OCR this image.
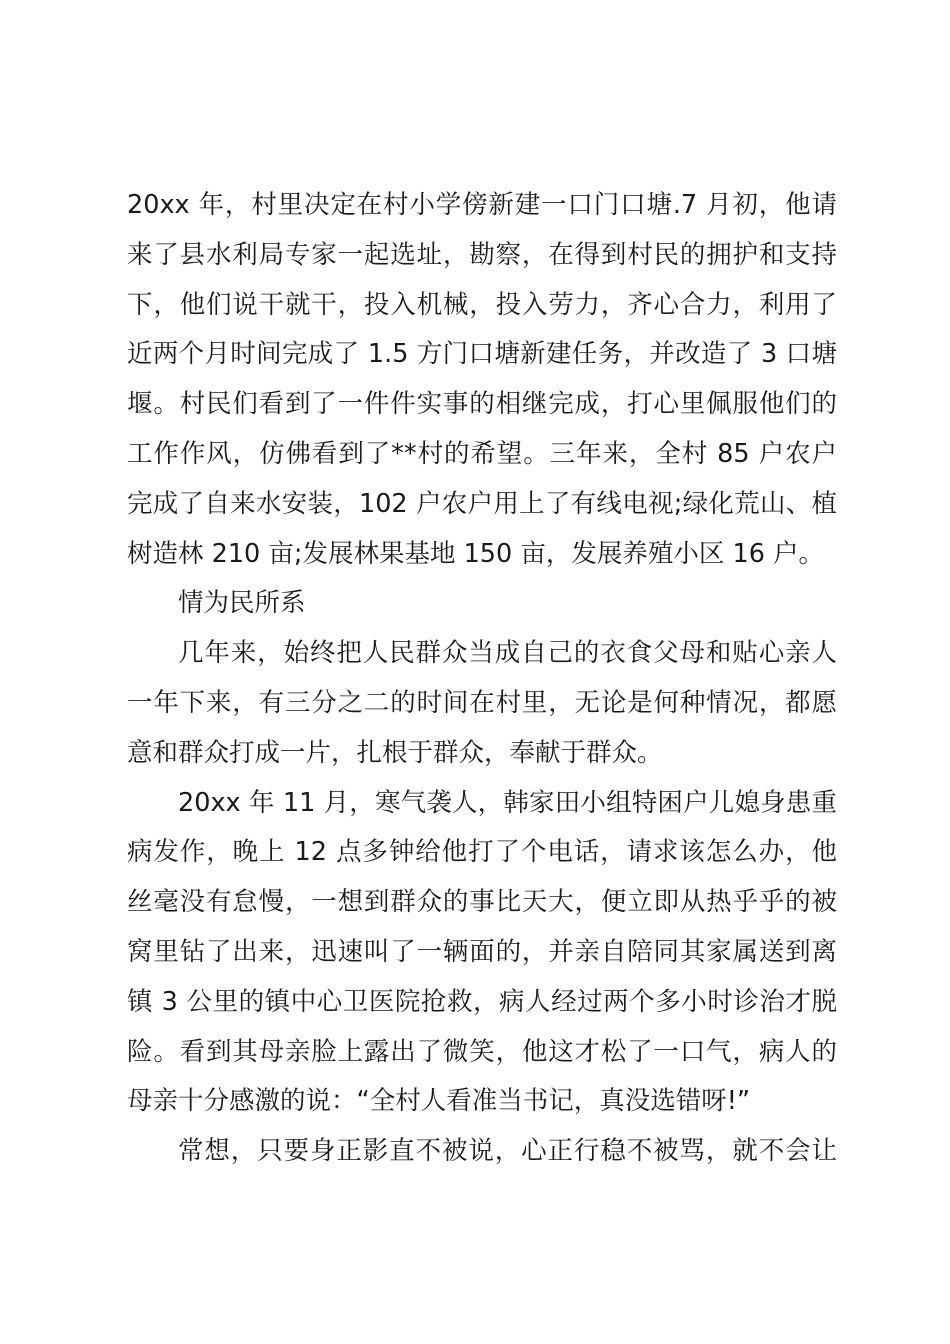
20xx 年，村里决定在村小学傍新建一口门口塘.7 月初，他请
来了县水利局专家一起选址，勘察，在得到村民的拥护和支持
下，他们说干就干，投入机械，投入劳力，齐心合力，利用了
近两个月时间完成了 1.5 方门口塘新建任务，并改造了 3 口塘
堰。村民们看到了一件件实事的相继完成，打心里佩服他们的
工作作风，仿佛看到了**村的希望。三年来，全村 85 户农户
完成了自来水安装，102 户农户用上了有线电视;绿化荒山、植
树造林 210 亩;发展林果基地 150 亩，发展养殖小区 16 户。
情为民所系
几年来，始终把人民群众当成自己的衣食父母和贴心亲人
一年下来，有三分之二的时间在村里，无论是何种情况，都愿
意和群众打成一片，扎根于群众，奉献于群众。
20xx 年 11 月，寒气袭人，韩家田小组特困户儿媳身患重
病发作，晚上 12 点多钟给他打了个电话，请求该怎么办，他
丝毫没有怠慢，一想到群众的事比天大，便立即从热乎乎的被
窝里钻了出来，迅速叫了一辆面的，并亲自陪同其家属送到离
镇 3 公里的镇中心卫医院抢救，病人经过两个多小时诊治才脱
险。看到其母亲脸上露出了微笑，他这才松了一口气，病人的
母亲十分感激的说：“全村人看准当书记，真没选错呀!”
常想，只要身正影直不被说，心正行稳不被骂，就不会让
